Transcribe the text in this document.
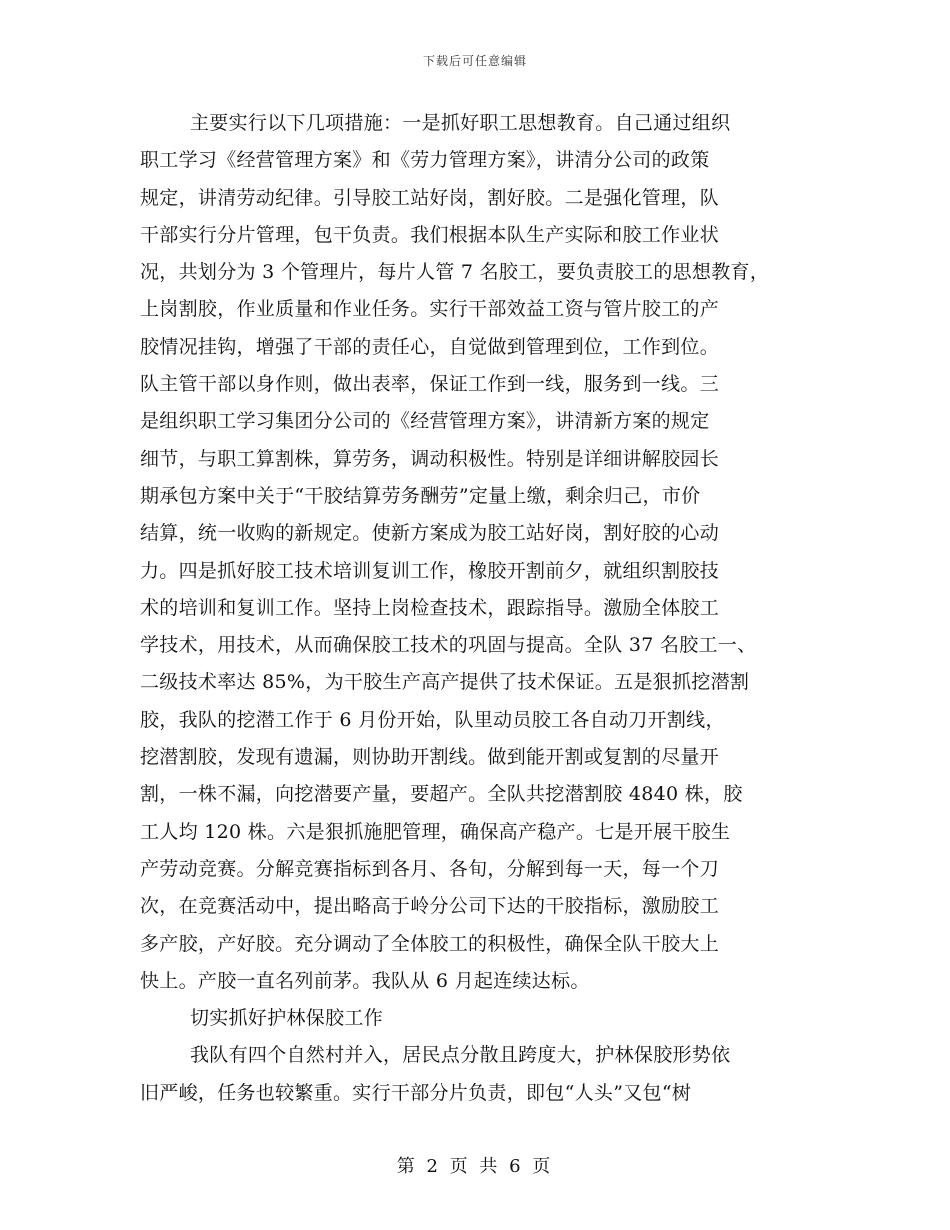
下载后可任意编辑
主要实行以下几项措施：一是抓好职工思想教育。自己通过组织
职工学习《经营管理方案》和《劳力管理方案》，讲清分公司的政策
规定，讲清劳动纪律。引导胶工站好岗，割好胶。二是强化管理，队
干部实行分片管理，包干负责。我们根据本队生产实际和胶工作业状
况，共划分为 3 个管理片，每片人管 7 名胶工，要负责胶工的思想教育，
上岗割胶，作业质量和作业任务。实行干部效益工资与管片胶工的产
胶情况挂钩，增强了干部的责任心，自觉做到管理到位，工作到位。
队主管干部以身作则，做出表率，保证工作到一线，服务到一线。三
是组织职工学习集团分公司的《经营管理方案》，讲清新方案的规定
细节，与职工算割株，算劳务，调动积极性。特别是详细讲解胶园长
期承包方案中关于“干胶结算劳务酬劳”定量上缴，剩余归己，市价
结算，统一收购的新规定。使新方案成为胶工站好岗，割好胶的心动
力。四是抓好胶工技术培训复训工作，橡胶开割前夕，就组织割胶技
术的培训和复训工作。坚持上岗检查技术，跟踪指导。激励全体胶工
学技术，用技术，从而确保胶工技术的巩固与提高。全队 37 名胶工一、
二级技术率达 85%，为干胶生产高产提供了技术保证。五是狠抓挖潜割
胶，我队的挖潜工作于 6 月份开始，队里动员胶工各自动刀开割线，
挖潜割胶，发现有遗漏，则协助开割线。做到能开割或复割的尽量开
割，一株不漏，向挖潜要产量，要超产。全队共挖潜割胶 4840 株，胶
工人均 120 株。六是狠抓施肥管理，确保高产稳产。七是开展干胶生
产劳动竞赛。分解竞赛指标到各月、各旬，分解到每一天，每一个刀
次，在竞赛活动中，提出略高于岭分公司下达的干胶指标，激励胶工
多产胶，产好胶。充分调动了全体胶工的积极性，确保全队干胶大上
快上。产胶一直名列前茅。我队从 6 月起连续达标。
切实抓好护林保胶工作
我队有四个自然村并入，居民点分散且跨度大，护林保胶形势依
旧严峻，任务也较繁重。实行干部分片负责，即包“人头”又包“树
第 2 页 共 6 页
